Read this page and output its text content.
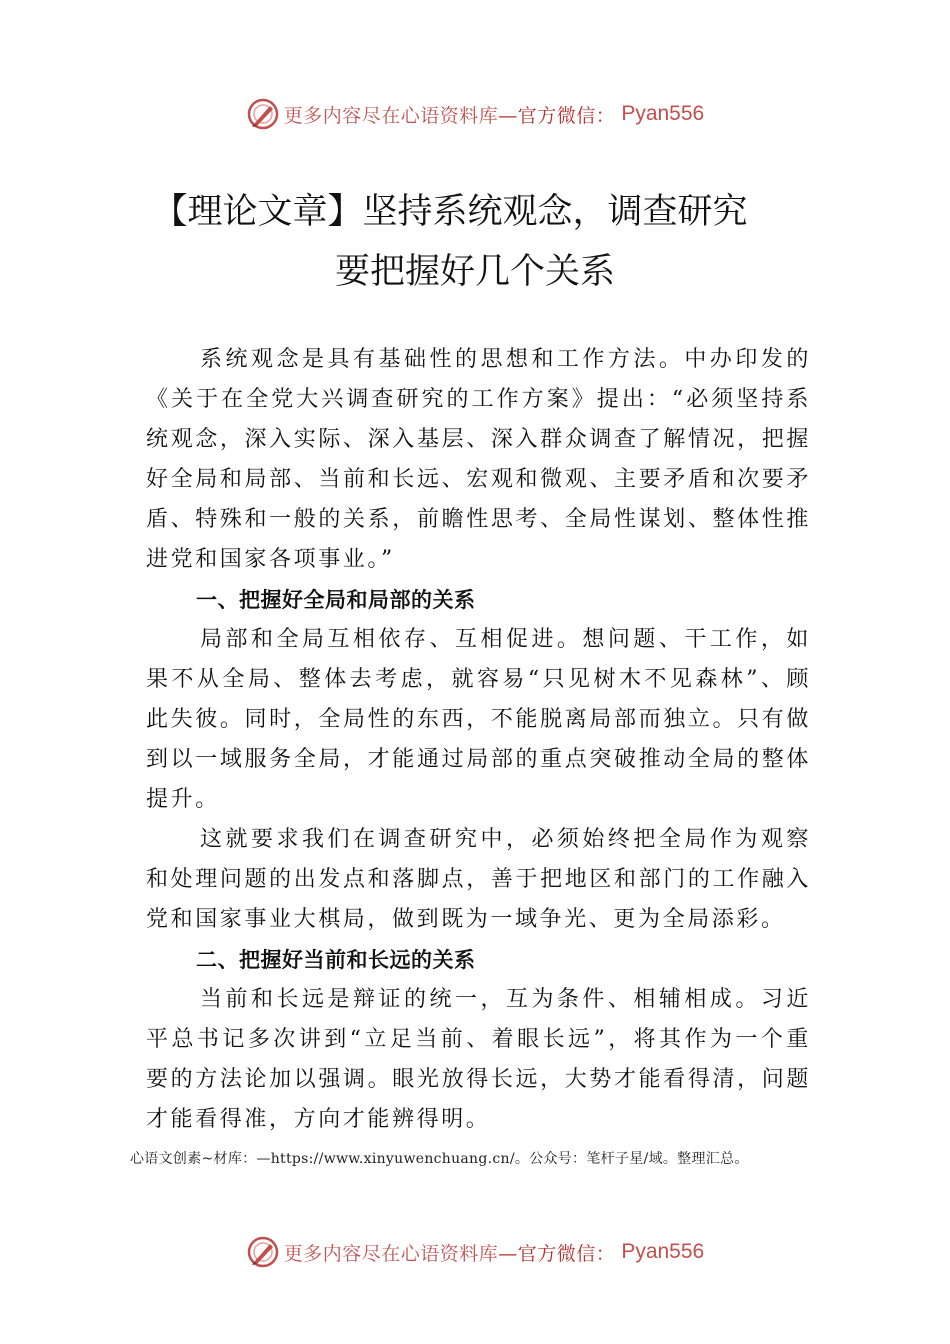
更多内容尽在心语资料库 —官方微信： Pyan556
【理论文章】坚持系统观念，调查研究
要把握好几个关系

系统观念是具有基础性的思想和工作方法。中办印发的《关于在全党大兴调查研究的工作方案》提出：“必须坚持系统观念，深入实际、深入基层、深入群众调查了解情况，把握好全局和局部、当前和长远、宏观和微观、主要矛盾和次要矛盾、特殊和一般的关系，前瞻性思考、全局性谋划、整体性推进党和国家各项事业。”

一、把握好全局和局部的关系

局部和全局互相依存、互相促进。想问题、干工作，如果不从全局、整体去考虑，就容易“只见树木不见森林”、顾此失彼。同时，全局性的东西，不能脱离局部而独立。只有做到以一域服务全局，才能通过局部的重点突破推动全局的整体提升。

这就要求我们在调查研究中，必须始终把全局作为观察和处理问题的出发点和落脚点，善于把地区和部门的工作融入党和国家事业大棋局，做到既为一域争光、更为全局添彩。

二、把握好当前和长远的关系

当前和长远是辩证的统一，互为条件、相辅相成。习近平总书记多次讲到“立足当前、着眼长远”，将其作为一个重要的方法论加以强调。眼光放得长远，大势才能看得清，问题才能看得准，方向才能辨得明。

心语文创素~材库：—https://www.xinyuwenchuang.cn/。公众号：笔杆子星/域。整理汇总。
更多内容尽在心语资料库 —官方微信： Pyan556
